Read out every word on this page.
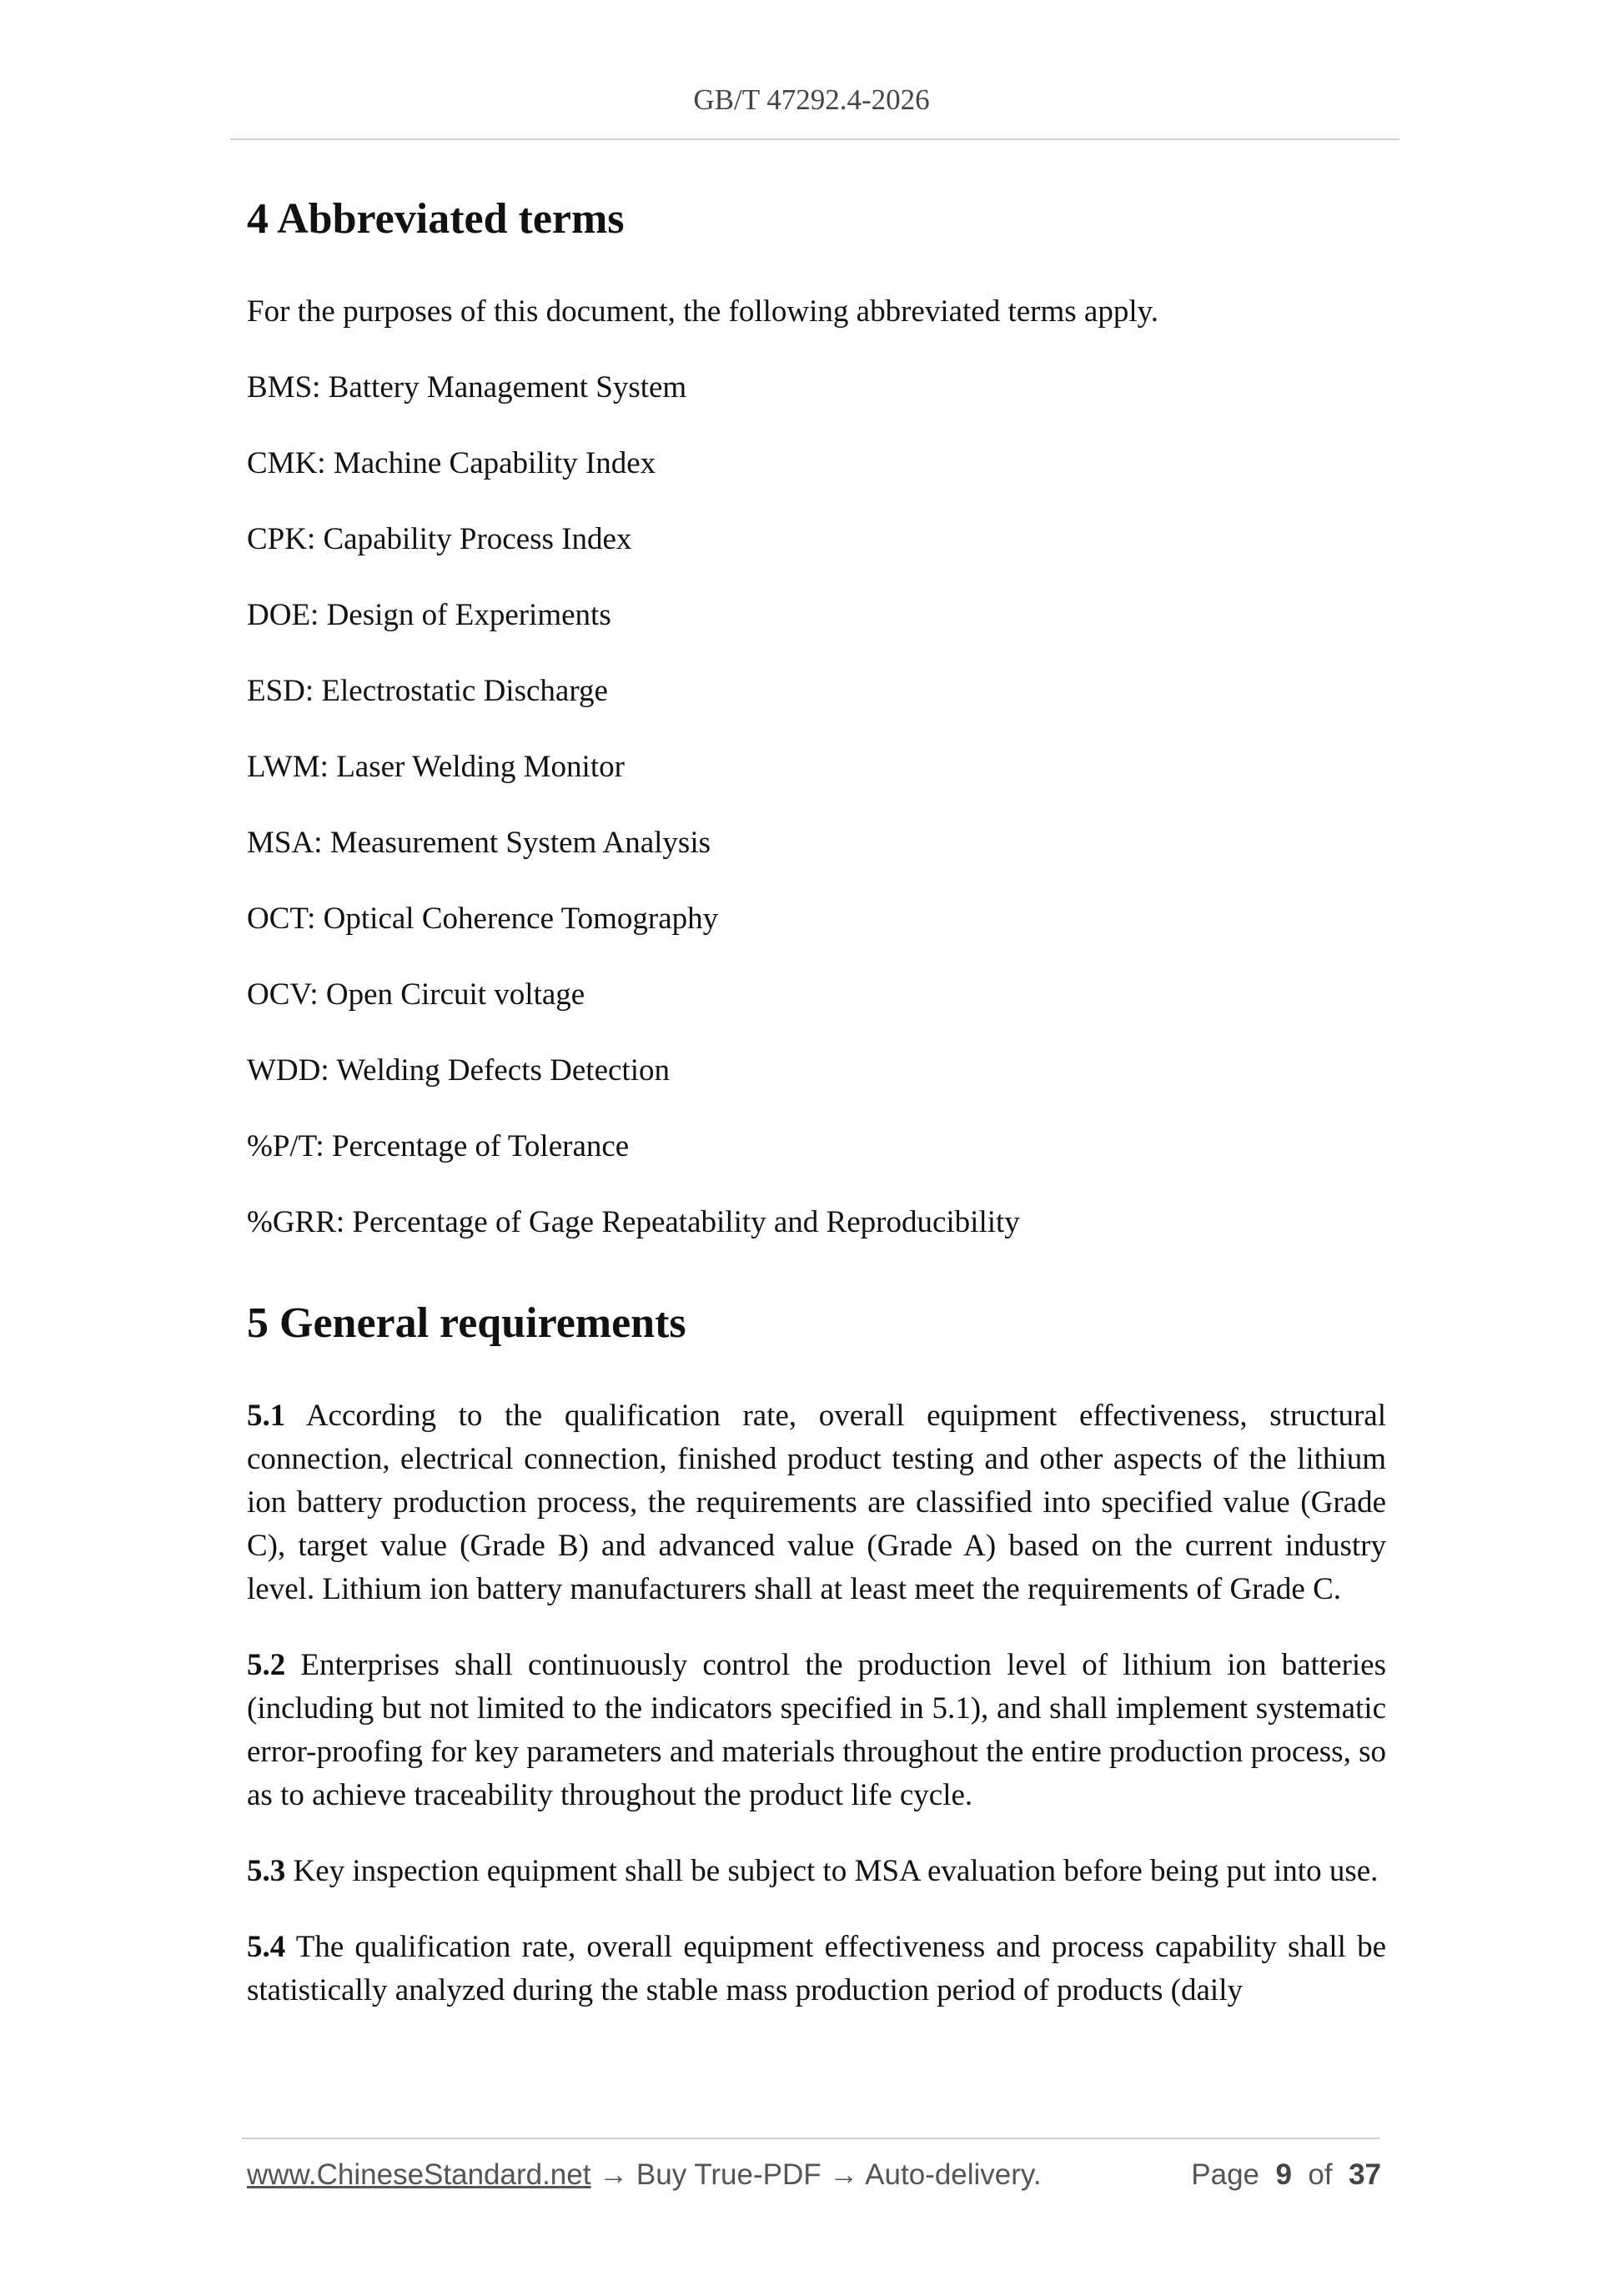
GB/T 47292.4-2026
4 Abbreviated terms

For the purposes of this document, the following abbreviated terms apply.

BMS: Battery Management System
CMK: Machine Capability Index
CPK: Capability Process Index
DOE: Design of Experiments
ESD: Electrostatic Discharge
LWM: Laser Welding Monitor
MSA: Measurement System Analysis
OCT: Optical Coherence Tomography
OCV: Open Circuit voltage
WDD: Welding Defects Detection
%P/T: Percentage of Tolerance
%GRR: Percentage of Gage Repeatability and Reproducibility
5 General requirements

5.1 According to the qualification rate, overall equipment effectiveness, structural connection, electrical connection, finished product testing and other aspects of the lithium ion battery production process, the requirements are classified into specified value (Grade C), target value (Grade B) and advanced value (Grade A) based on the current industry level. Lithium ion battery manufacturers shall at least meet the requirements of Grade C.

5.2 Enterprises shall continuously control the production level of lithium ion batteries (including but not limited to the indicators specified in 5.1), and shall implement systematic error-proofing for key parameters and materials throughout the entire production process, so as to achieve traceability throughout the product life cycle.

5.3 Key inspection equipment shall be subject to MSA evaluation before being put into use.

5.4 The qualification rate, overall equipment effectiveness and process capability shall be statistically analyzed during the stable mass production period of products (daily

www.ChineseStandard.net → Buy True-PDF → Auto-delivery.	Page 9 of 37
